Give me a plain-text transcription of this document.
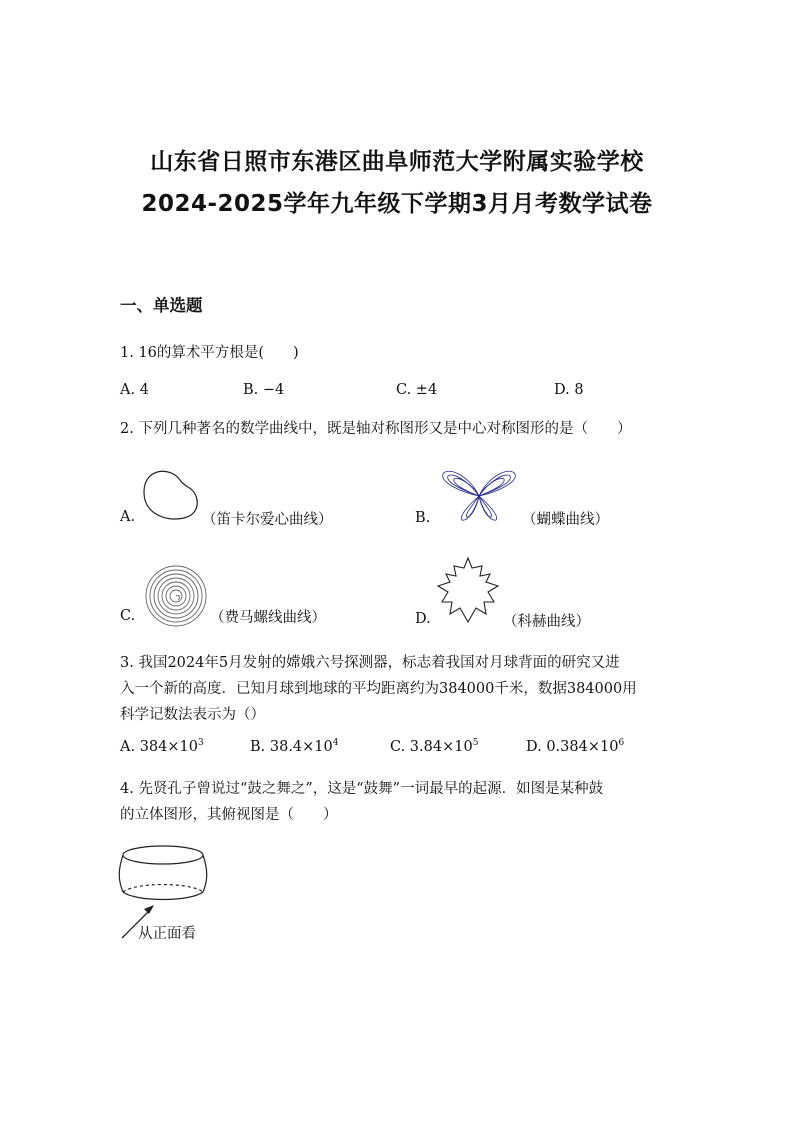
山东省日照市东港区曲阜师范大学附属实验学校
2024-2025学年九年级下学期3月月考数学试卷
一、单选题
1. 16的算术平方根是(　　)
A. 4	B. −4	C. ±4	D. 8
2. 下列几种著名的数学曲线中，既是轴对称图形又是中心对称图形的是（　　）
A.	（笛卡尔爱心曲线）	B.	（蝴蝶曲线）
C.	（费马螺线曲线）	D.	（科赫曲线）
3. 我国2024年5月发射的嫦娥六号探测器，标志着我国对月球背面的研究又进
入一个新的高度．已知月球到地球的平均距离约为384000千米，数据384000用
科学记数法表示为（）
A. $384\times 10^3$	B. $38.4\times 10^4$	C. $3.84\times 10^5$	D. $0.384\times 10^6$
4. 先贤孔子曾说过“鼓之舞之”，这是“鼓舞”一词最早的起源．如图是某种鼓
的立体图形，其俯视图是（　　）
从正面看
